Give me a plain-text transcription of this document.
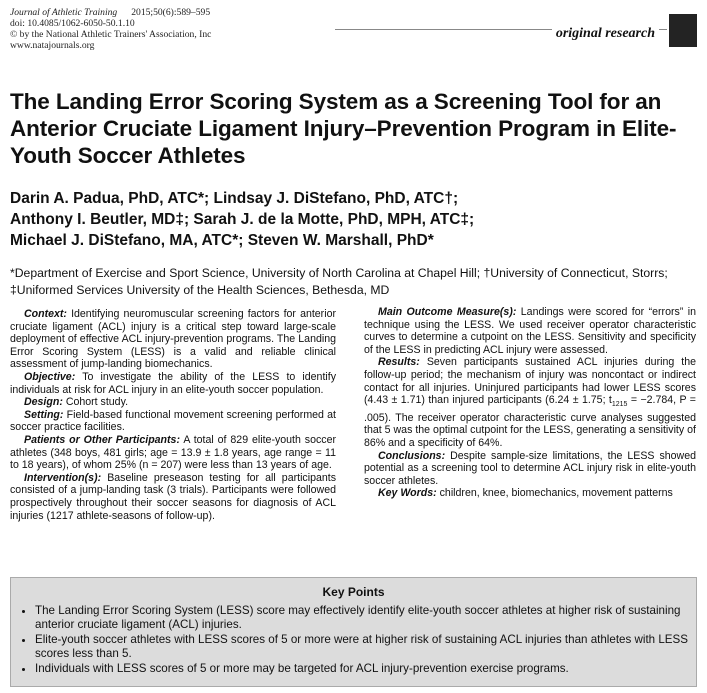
Journal of Athletic Training 2015;50(6):589–595
doi: 10.4085/1062-6050-50.1.10
© by the National Athletic Trainers' Association, Inc
www.natajournals.org
original research
The Landing Error Scoring System as a Screening Tool for an Anterior Cruciate Ligament Injury–Prevention Program in Elite-Youth Soccer Athletes
Darin A. Padua, PhD, ATC*; Lindsay J. DiStefano, PhD, ATC†;
Anthony I. Beutler, MD‡; Sarah J. de la Motte, PhD, MPH, ATC‡;
Michael J. DiStefano, MA, ATC*; Steven W. Marshall, PhD*
*Department of Exercise and Sport Science, University of North Carolina at Chapel Hill; †University of Connecticut, Storrs; ‡Uniformed Services University of the Health Sciences, Bethesda, MD

Context: Identifying neuromuscular screening factors for anterior cruciate ligament (ACL) injury is a critical step toward large-scale deployment of effective ACL injury-prevention programs. The Landing Error Scoring System (LESS) is a valid and reliable clinical assessment of jump-landing biomechanics.

Objective: To investigate the ability of the LESS to identify individuals at risk for ACL injury in an elite-youth soccer population.

Design: Cohort study.

Setting: Field-based functional movement screening performed at soccer practice facilities.

Patients or Other Participants: A total of 829 elite-youth soccer athletes (348 boys, 481 girls; age = 13.9 ± 1.8 years, age range = 11 to 18 years), of whom 25% (n = 207) were less than 13 years of age.

Intervention(s): Baseline preseason testing for all participants consisted of a jump-landing task (3 trials). Participants were followed prospectively throughout their soccer seasons for diagnosis of ACL injuries (1217 athlete-seasons of follow-up).

Main Outcome Measure(s): Landings were scored for “errors” in technique using the LESS. We used receiver operator characteristic curves to determine a cutpoint on the LESS. Sensitivity and specificity of the LESS in predicting ACL injury were assessed.

Results: Seven participants sustained ACL injuries during the follow-up period; the mechanism of injury was noncontact or indirect contact for all injuries. Uninjured participants had lower LESS scores (4.43 ± 1.71) than injured participants (6.24 ± 1.75; $t_{1215} = -2.784$, P = .005). The receiver operator characteristic curve analyses suggested that 5 was the optimal cutpoint for the LESS, generating a sensitivity of 86% and a specificity of 64%.

Conclusions: Despite sample-size limitations, the LESS showed potential as a screening tool to determine ACL injury risk in elite-youth soccer athletes.

Key Words: children, knee, biomechanics, movement patterns

Key Points
• The Landing Error Scoring System (LESS) score may effectively identify elite-youth soccer athletes at higher risk of sustaining anterior cruciate ligament (ACL) injuries.
• Elite-youth soccer athletes with LESS scores of 5 or more were at higher risk of sustaining ACL injuries than athletes with LESS scores less than 5.
• Individuals with LESS scores of 5 or more may be targeted for ACL injury-prevention exercise programs.
